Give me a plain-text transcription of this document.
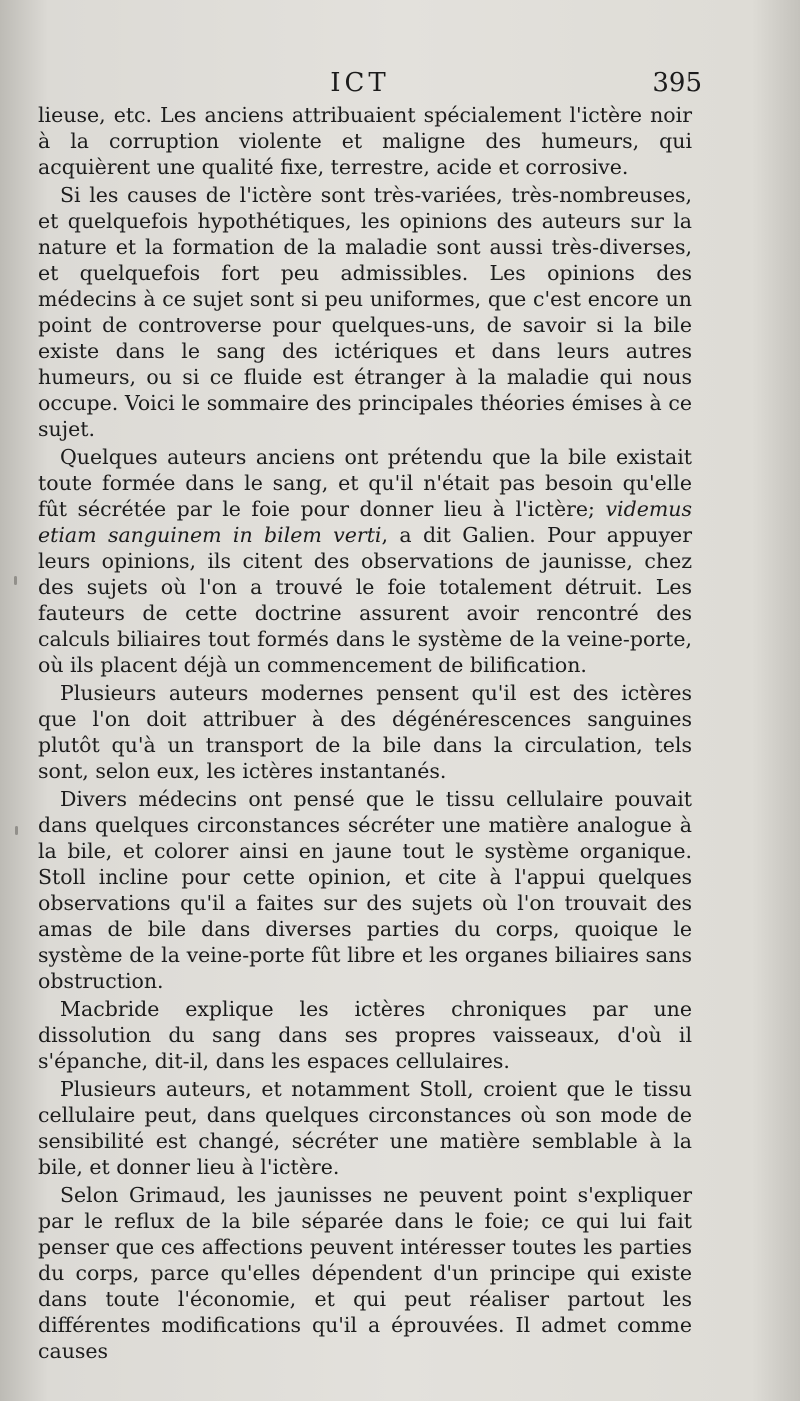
ICT	395

lieuse, etc. Les anciens attribuaient spécialement l'ictère noir à la corruption violente et maligne des humeurs, qui acquièrent une qualité fixe, terrestre, acide et corrosive.

Si les causes de l'ictère sont très-variées, très-nombreuses, et quelquefois hypothétiques, les opinions des auteurs sur la nature et la formation de la maladie sont aussi très-diverses, et quelquefois fort peu admissibles. Les opinions des médecins à ce sujet sont si peu uniformes, que c'est encore un point de controverse pour quelques-uns, de savoir si la bile existe dans le sang des ictériques et dans leurs autres humeurs, ou si ce fluide est étranger à la maladie qui nous occupe. Voici le sommaire des principales théories émises à ce sujet.

Quelques auteurs anciens ont prétendu que la bile existait toute formée dans le sang, et qu'il n'était pas besoin qu'elle fût sécrétée par le foie pour donner lieu à l'ictère; videmus etiam sanguinem in bilem verti, a dit Galien. Pour appuyer leurs opinions, ils citent des observations de jaunisse, chez des sujets où l'on a trouvé le foie totalement détruit. Les fauteurs de cette doctrine assurent avoir rencontré des calculs biliaires tout formés dans le système de la veine-porte, où ils placent déjà un commencement de bilification.

Plusieurs auteurs modernes pensent qu'il est des ictères que l'on doit attribuer à des dégénérescences sanguines plutôt qu'à un transport de la bile dans la circulation, tels sont, selon eux, les ictères instantanés.

Divers médecins ont pensé que le tissu cellulaire pouvait dans quelques circonstances sécréter une matière analogue à la bile, et colorer ainsi en jaune tout le système organique. Stoll incline pour cette opinion, et cite à l'appui quelques observations qu'il a faites sur des sujets où l'on trouvait des amas de bile dans diverses parties du corps, quoique le système de la veine-porte fût libre et les organes biliaires sans obstruction.

Macbride explique les ictères chroniques par une dissolution du sang dans ses propres vaisseaux, d'où il s'épanche, dit-il, dans les espaces cellulaires.

Plusieurs auteurs, et notamment Stoll, croient que le tissu cellulaire peut, dans quelques circonstances où son mode de sensibilité est changé, sécréter une matière semblable à la bile, et donner lieu à l'ictère.

Selon Grimaud, les jaunisses ne peuvent point s'expliquer par le reflux de la bile séparée dans le foie; ce qui lui fait penser que ces affections peuvent intéresser toutes les parties du corps, parce qu'elles dépendent d'un principe qui existe dans toute l'économie, et qui peut réaliser partout les différentes modifications qu'il a éprouvées. Il admet comme causes
